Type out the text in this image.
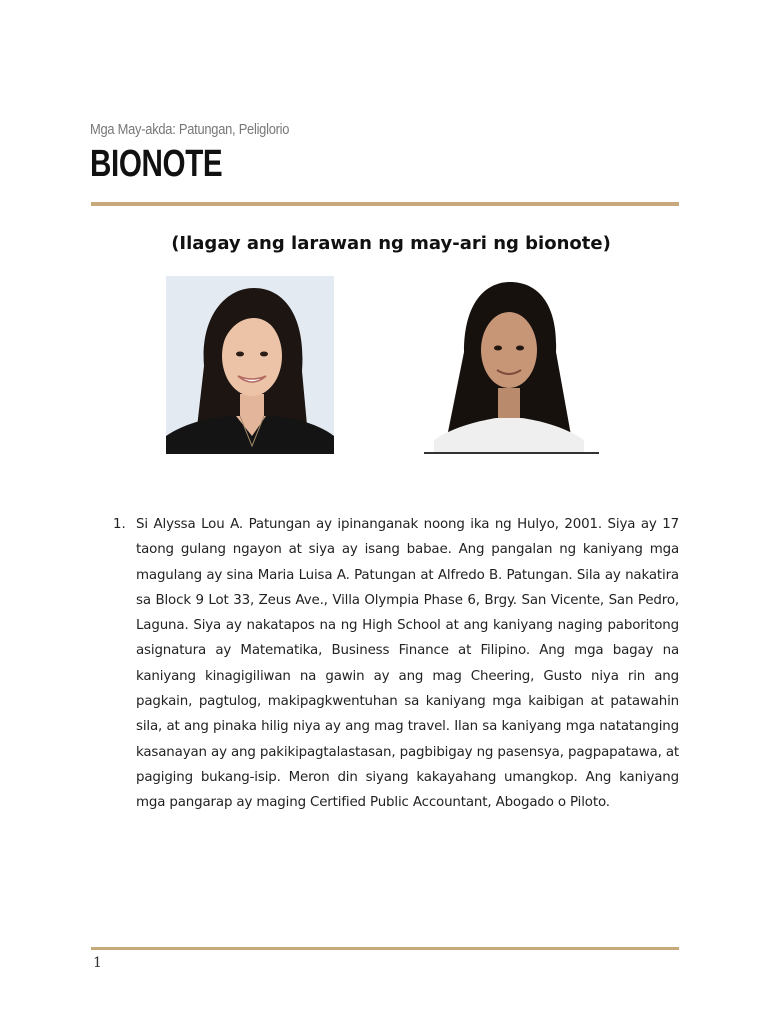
Mga May-akda: Patungan, Peliglorio
BIONOTE
(Ilagay ang larawan ng may-ari ng bionote)
1. Si Alyssa Lou A. Patungan ay ipinanganak noong ika ng Hulyo, 2001. Siya ay 17 taong gulang ngayon at siya ay isang babae. Ang pangalan ng kaniyang mga magulang ay sina Maria Luisa A. Patungan at Alfredo B. Patungan. Sila ay nakatira sa Block 9 Lot 33, Zeus Ave., Villa Olympia Phase 6, Brgy. San Vicente, San Pedro, Laguna. Siya ay nakatapos na ng High School at ang kaniyang naging paboritong asignatura ay Matematika, Business Finance at Filipino. Ang mga bagay na kaniyang kinagigiliwan na gawin ay ang mag Cheering, Gusto niya rin ang pagkain, pagtulog, makipagkwentuhan sa kaniyang mga kaibigan at patawahin sila, at ang pinaka hilig niya ay ang mag travel. Ilan sa kaniyang mga natatanging kasanayan ay ang pakikipagtalastasan, pagbibigay ng pasensya, pagpapatawa, at pagiging bukang-isip. Meron din siyang kakayahang umangkop. Ang kaniyang mga pangarap ay maging Certified Public Accountant, Abogado o Piloto.
1
